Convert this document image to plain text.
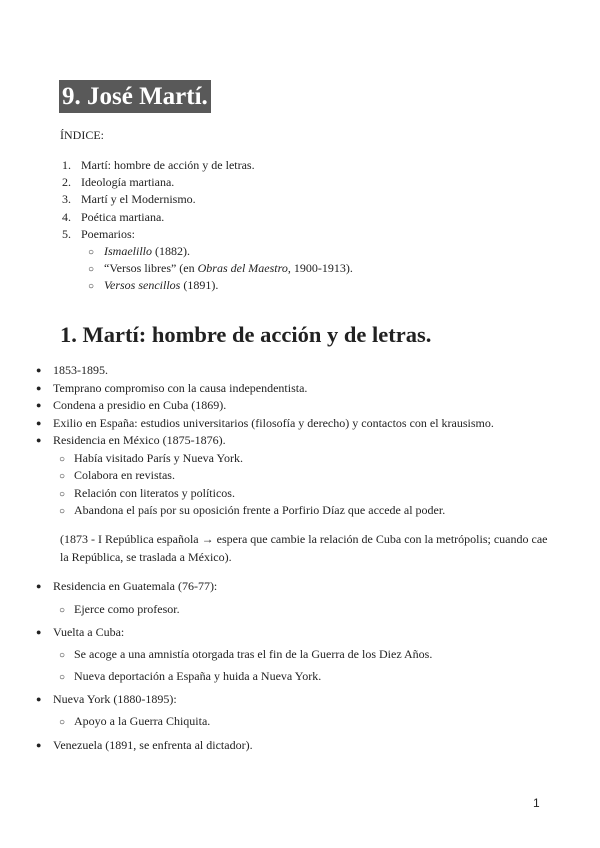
9. José Martí.
ÍNDICE:
1. Martí: hombre de acción y de letras.
2. Ideología martiana.
3. Martí y el Modernismo.
4. Poética martiana.
5. Poemarios:
○ Ismaelillo (1882).
○ “Versos libres” (en Obras del Maestro, 1900-1913).
○ Versos sencillos (1891).
1. Martí: hombre de acción y de letras.
● 1853-1895.
● Temprano compromiso con la causa independentista.
● Condena a presidio en Cuba (1869).
● Exilio en España: estudios universitarios (filosofía y derecho) y contactos con el krausismo.
● Residencia en México (1875-1876).
○ Había visitado París y Nueva York.
○ Colabora en revistas.
○ Relación con literatos y políticos.
○ Abandona el país por su oposición frente a Porfirio Díaz que accede al poder.
(1873 - I República española → espera que cambie la relación de Cuba con la metrópolis; cuando cae la República, se traslada a México).
● Residencia en Guatemala (76-77):
○ Ejerce como profesor.
● Vuelta a Cuba:
○ Se acoge a una amnistía otorgada tras el fin de la Guerra de los Diez Años.
○ Nueva deportación a España y huida a Nueva York.
● Nueva York (1880-1895):
○ Apoyo a la Guerra Chiquita.
● Venezuela (1891, se enfrenta al dictador).
1
